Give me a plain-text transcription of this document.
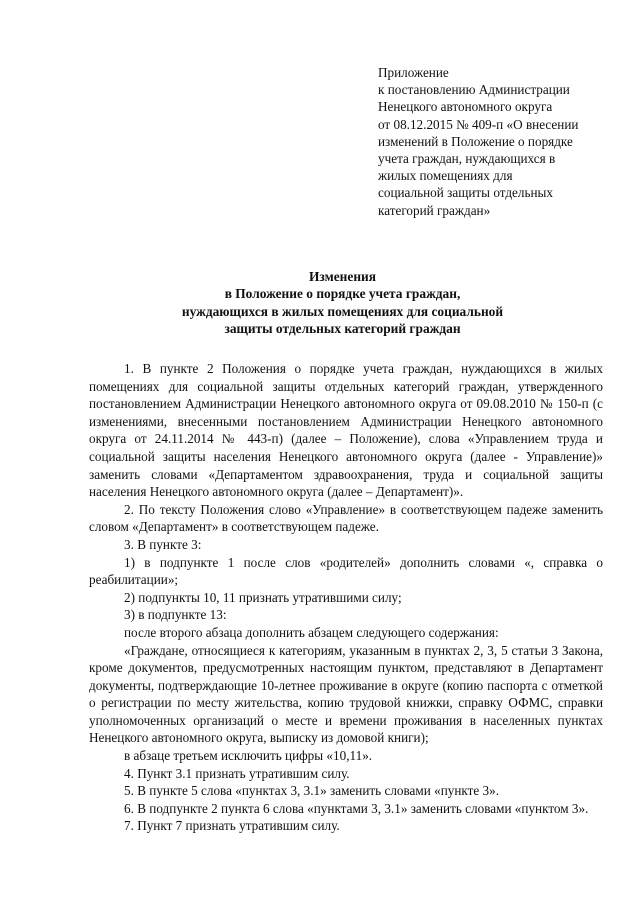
Приложение
к постановлению Администрации
Ненецкого автономного округа
от 08.12.2015 № 409-п «О внесении
изменений в Положение о порядке
учета граждан, нуждающихся в
жилых помещениях для
социальной защиты отдельных
категорий граждан»
Изменения
в Положение о порядке учета граждан,
нуждающихся в жилых помещениях для социальной
защиты отдельных категорий граждан

1. В пункте 2 Положения о порядке учета граждан, нуждающихся в жилых помещениях для социальной защиты отдельных категорий граждан, утвержденного постановлением Администрации Ненецкого автономного округа от 09.08.2010 № 150-п (с изменениями, внесенными постановлением Администрации Ненецкого автономного округа от 24.11.2014 № 443-п) (далее – Положение), слова «Управлением труда и социальной защиты населения Ненецкого автономного округа (далее - Управление)» заменить словами «Департаментом здравоохранения, труда и социальной защиты населения Ненецкого автономного округа (далее – Департамент)».

2. По тексту Положения слово «Управление» в соответствующем падеже заменить словом «Департамент» в соответствующем падеже.

3. В пункте 3:

1) в подпункте 1 после слов «родителей» дополнить словами «, справка о реабилитации»;

2) подпункты 10, 11 признать утратившими силу;

3) в подпункте 13:

после второго абзаца дополнить абзацем следующего содержания:

«Граждане, относящиеся к категориям, указанным в пунктах 2, 3, 5 статьи 3 Закона, кроме документов, предусмотренных настоящим пунктом, представляют в Департамент документы, подтверждающие 10-летнее проживание в округе (копию паспорта с отметкой о регистрации по месту жительства, копию трудовой книжки, справку ОФМС, справки уполномоченных организаций о месте и времени проживания в населенных пунктах Ненецкого автономного округа, выписку из домовой книги);

в абзаце третьем исключить цифры «10,11».

4. Пункт 3.1 признать утратившим силу.

5. В пункте 5 слова «пунктах 3, 3.1» заменить словами «пункте 3».

6. В подпункте 2 пункта 6 слова «пунктами 3, 3.1» заменить словами «пунктом 3».

7. Пункт 7 признать утратившим силу.
